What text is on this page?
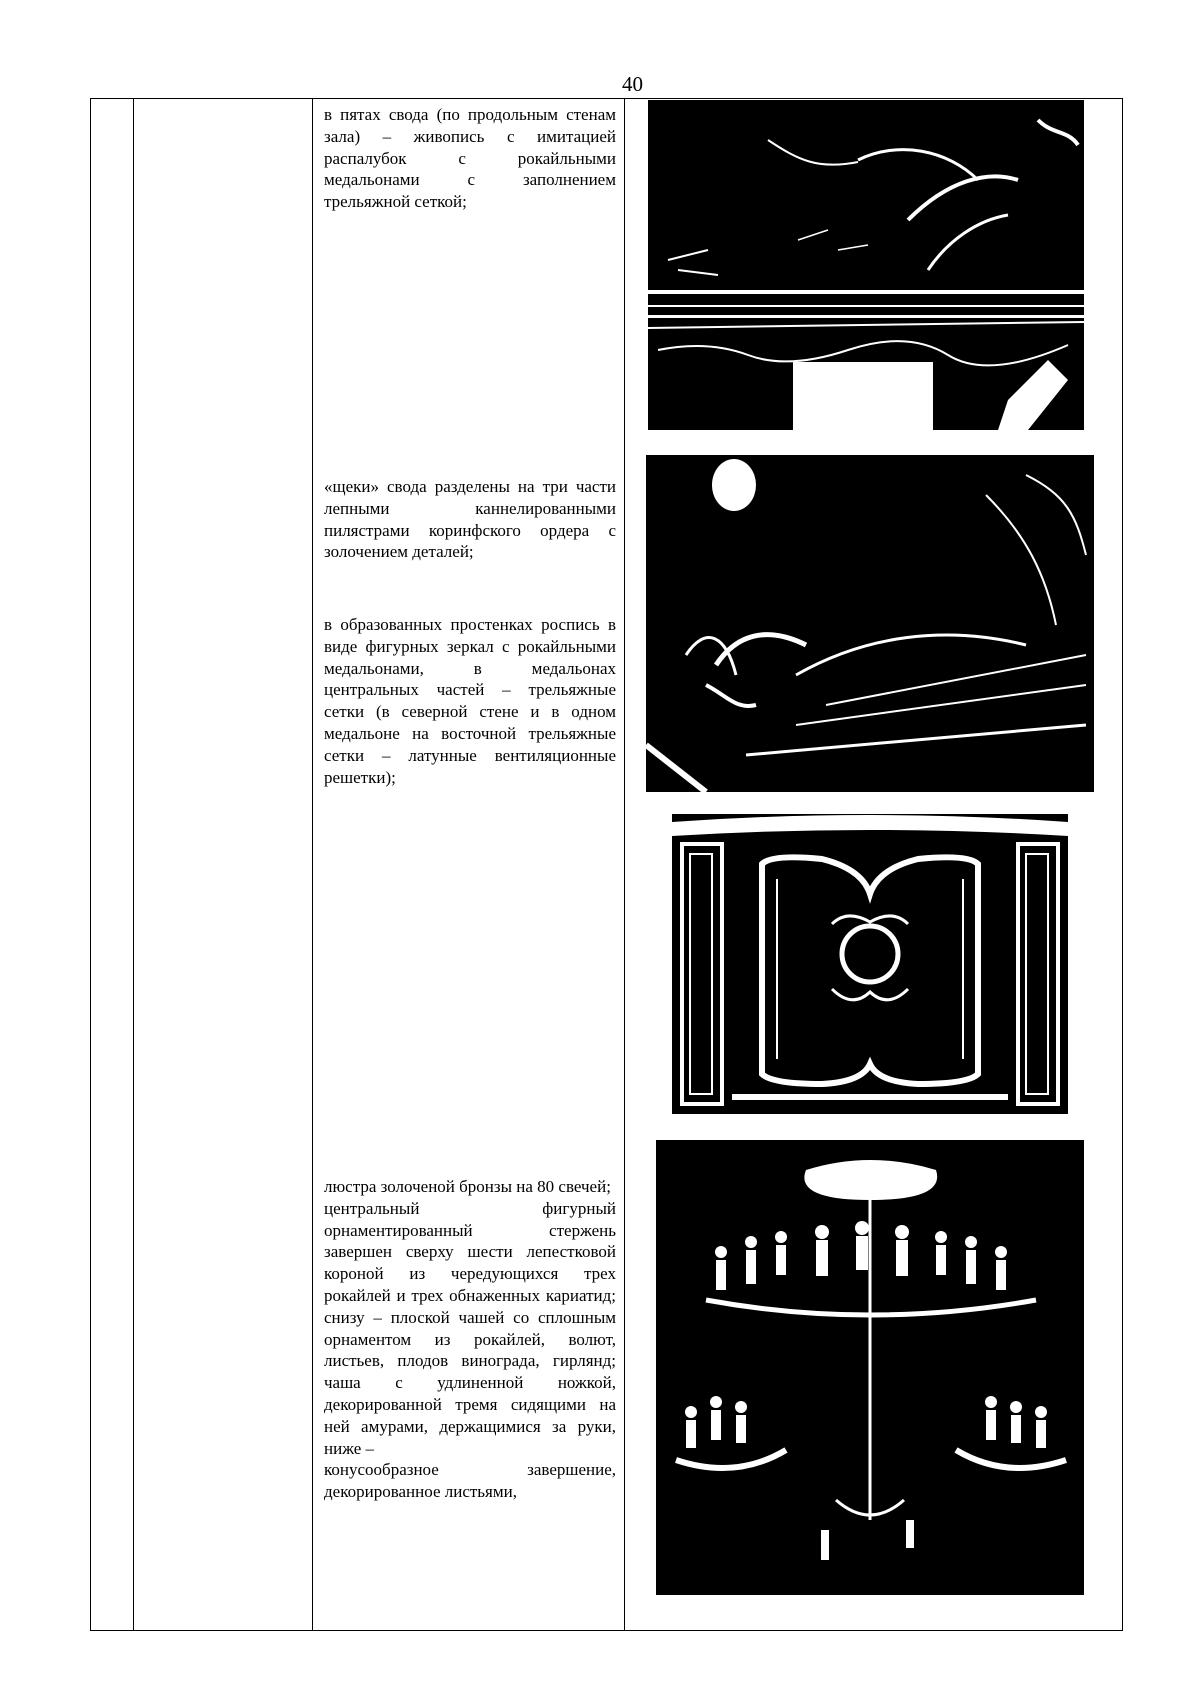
40

в пятах свода (по продольным стенам зала) – живопись с имитацией распалубок с рокайльными медальонами с заполнением трельяжной сеткой;

«щеки» свода разделены на три части лепными каннелированными пилястрами коринфского ордера с золочением деталей;

в образованных простенках роспись в виде фигурных зеркал с рокайльными медальонами, в медальонах центральных частей – трельяжные сетки (в северной стене и в одном медальоне на восточной трельяжные сетки – латунные вентиляционные решетки);

люстра золоченой бронзы на 80 свечей;

центральный фигурный орнаментированный стержень завершен сверху шести лепестковой короной из чередующихся трех рокайлей и трех обнаженных кариатид; снизу – плоской чашей со сплошным орнаментом из рокайлей, волют, листьев, плодов винограда, гирлянд; чаша с удлиненной ножкой, декорированной тремя сидящими на ней амурами, держащимися за руки, ниже –

конусообразное завершение, декорированное листьями,
